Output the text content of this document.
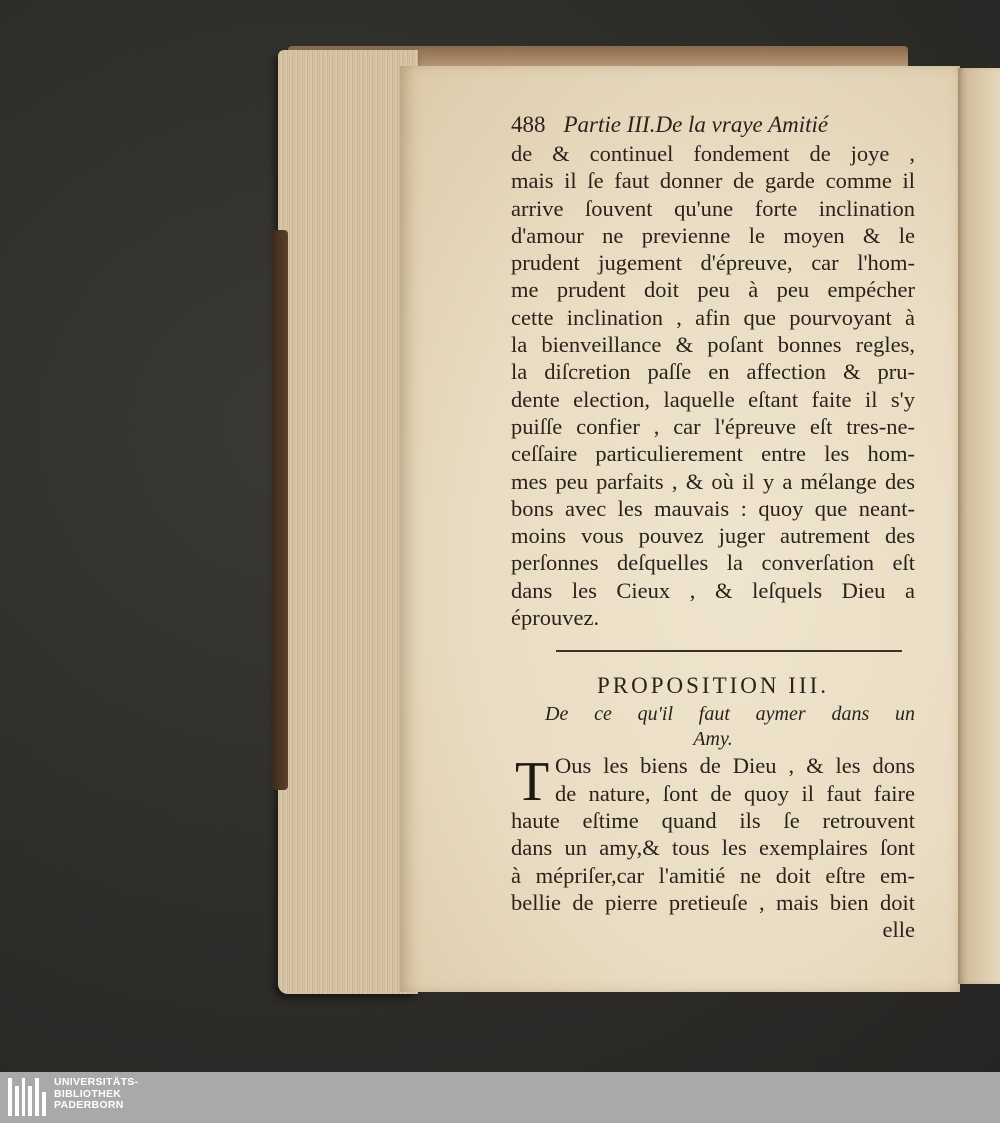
488 Partie III.De la vraye Amitié
de & continuel fondement de joye ,
mais il ſe faut donner de garde comme il
arrive ſouvent qu'une forte inclination
d'amour ne previenne le moyen & le
prudent jugement d'épreuve, car l'hom-
me prudent doit peu à peu empécher
cette inclination , afin que pourvoyant à
la bienveillance & poſant bonnes regles,
la diſcretion paſſe en affection & pru-
dente election, laquelle eſtant faite il s'y
puiſſe confier , car l'épreuve eſt tres-ne-
ceſſaire particulierement entre les hom-
mes peu parfaits , & où il y a mélange des
bons avec les mauvais : quoy que neant-
moins vous pouvez juger autrement des
perſonnes deſquelles la converſation eſt
dans les Cieux , & leſquels Dieu a
éprouvez.
PROPOSITION III.
De ce qu'il faut aymer dans un
Amy.
T Ous les biens de Dieu , & les dons
de nature, ſont de quoy il faut faire
haute eſtime quand ils ſe retrouvent
dans un amy,& tous les exemplaires ſont
à mépriſer,car l'amitié ne doit eſtre em-
bellie de pierre pretieuſe , mais bien doit
elle
UNIVERSITÄTS-
BIBLIOTHEK
PADERBORN
